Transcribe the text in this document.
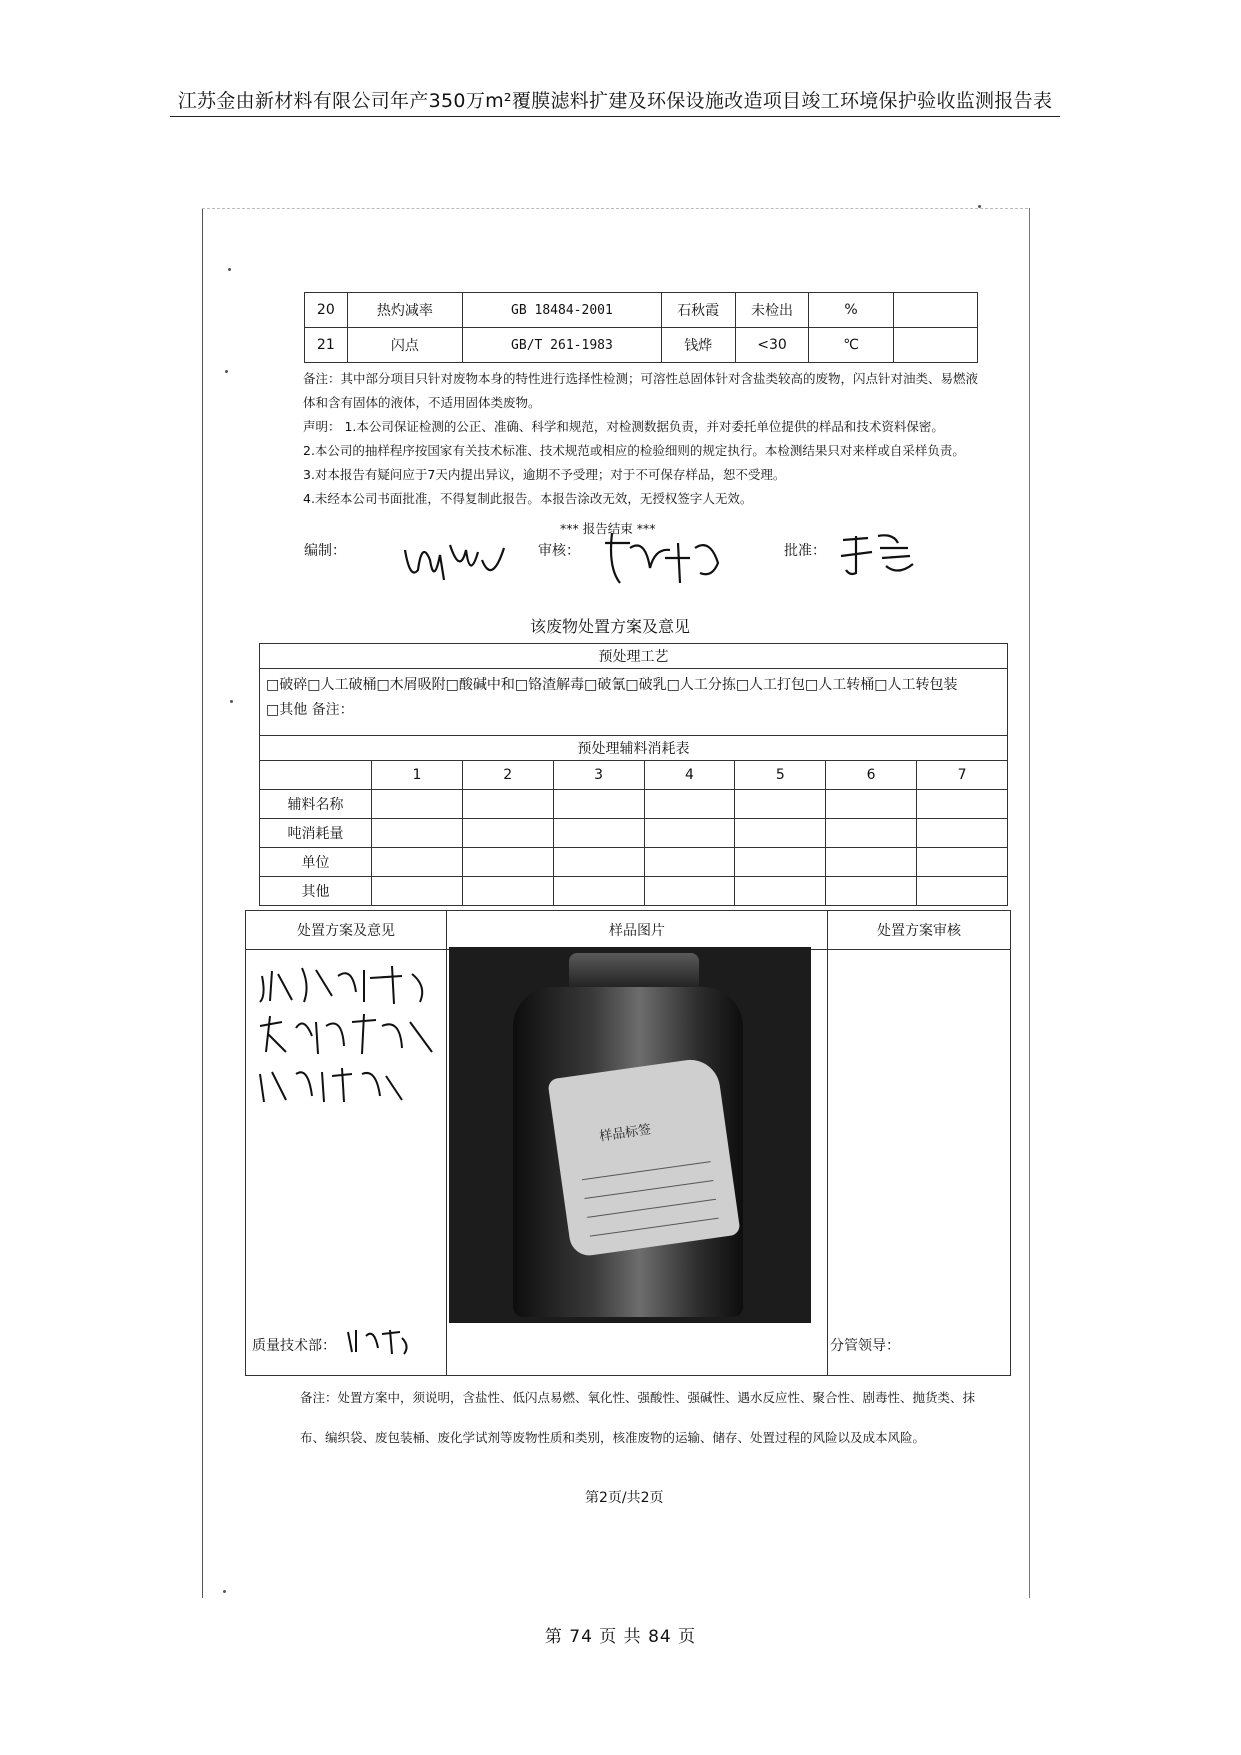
江苏金由新材料有限公司年产350万m²覆膜滤料扩建及环保设施改造项目竣工环境保护验收监测报告表
20	热灼减率	GB 18484-2001	石秋霞	未检出	%	
21	闪点	GB/T 261-1983	钱烨	<30	℃	

备注：其中部分项目只针对废物本身的特性进行选择性检测；可溶性总固体针对含盐类较高的废物，闪点针对油类、易燃液

体和含有固体的液体，不适用固体类废物。

声明： 1.本公司保证检测的公正、准确、科学和规范，对检测数据负责，并对委托单位提供的样品和技术资料保密。

2.本公司的抽样程序按国家有关技术标准、技术规范或相应的检验细则的规定执行。本检测结果只对来样或自采样负责。

3.对本报告有疑问应于7天内提出异议，逾期不予受理；对于不可保存样品，恕不受理。

4.未经本公司书面批准，不得复制此报告。本报告涂改无效，无授权签字人无效。

*** 报告结束 ***
编制：	审核：	批准：
该废物处置方案及意见
预处理工艺							

□破碎□人工破桶□木屑吸附□酸碱中和□铬渣解毒□破氰□破乳□人工分拣□人工打包□人工转桶□人工转包装
□其他 备注：							

预处理辅料消耗表							
	1	2	3	4	5	6	7
辅料名称							
吨消耗量							
单位							
其他							
处置方案及意见	样品图片	处置方案审核

样品标签
质量技术部：	分管领导：

备注：处置方案中，须说明，含盐性、低闪点易燃、氧化性、强酸性、强碱性、遇水反应性、聚合性、剧毒性、抛货类、抹

布、编织袋、废包装桶、废化学试剂等废物性质和类别，核准废物的运输、储存、处置过程的风险以及成本风险。

第2页/共2页
第 74 页 共 84 页
